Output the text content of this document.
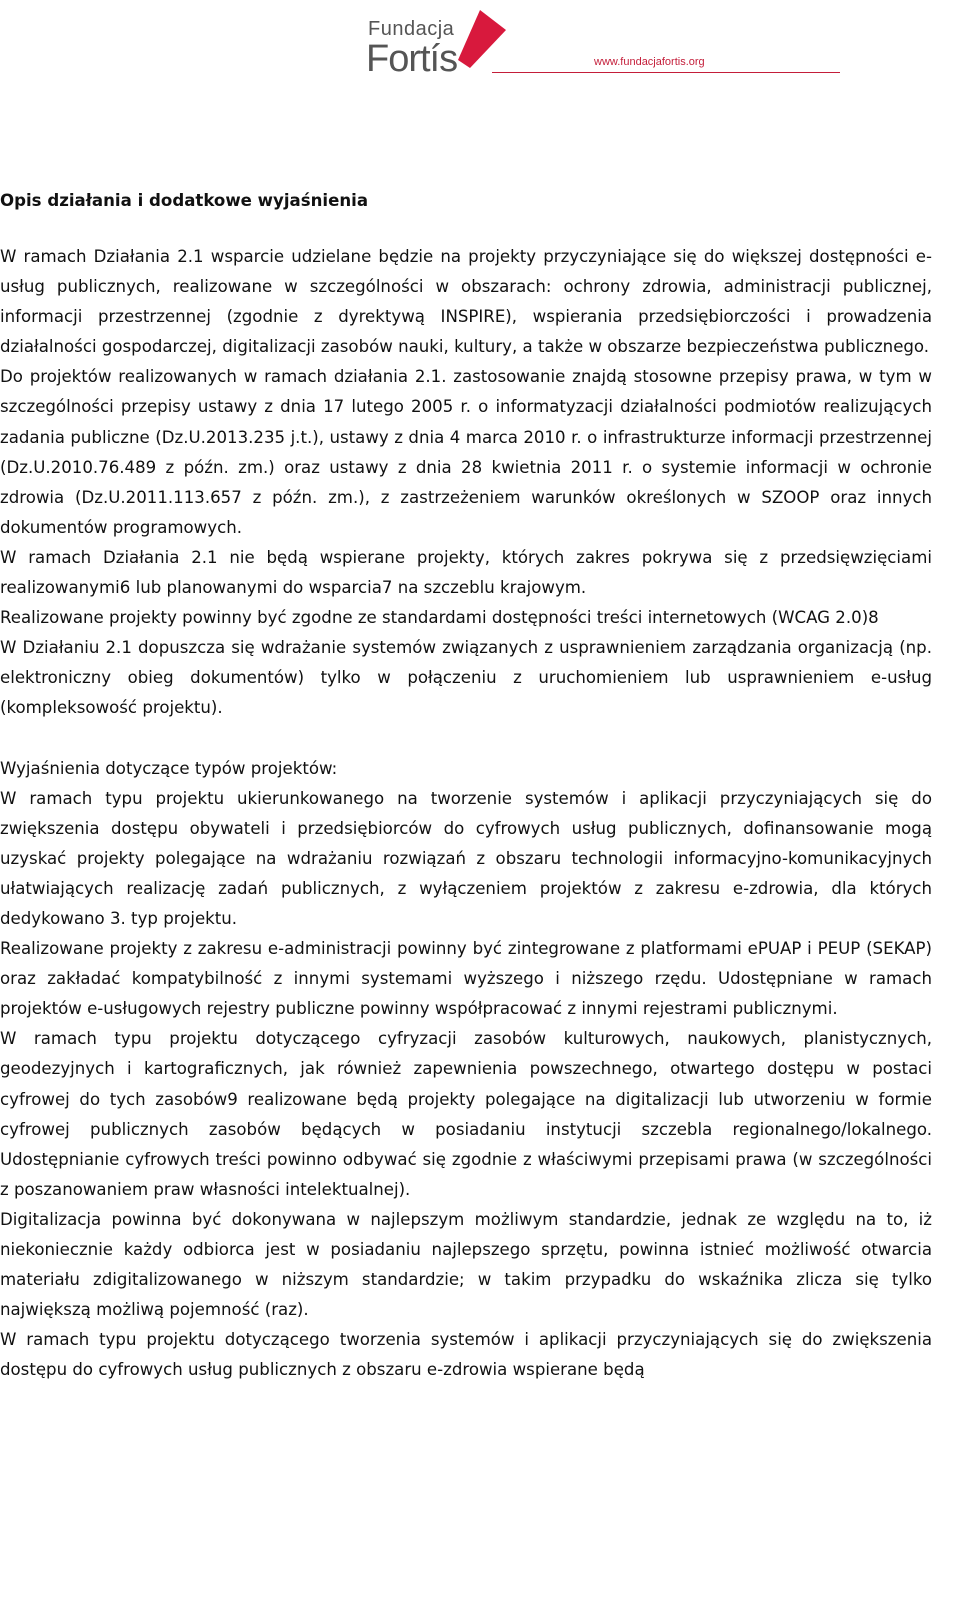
Fundacja
Fortís	www.fundacjafortis.org
Opis działania i dodatkowe wyjaśnienia

W ramach Działania 2.1 wsparcie udzielane będzie na projekty przyczyniające się do większej dostępności e-usług publicznych, realizowane w szczególności w obszarach: ochrony zdrowia, administracji publicznej, informacji przestrzennej (zgodnie z dyrektywą INSPIRE), wspierania przedsiębiorczości i prowadzenia działalności gospodarczej, digitalizacji zasobów nauki, kultury, a także w obszarze bezpieczeństwa publicznego.

Do projektów realizowanych w ramach działania 2.1. zastosowanie znajdą stosowne przepisy prawa, w tym w szczególności przepisy ustawy z dnia 17 lutego 2005 r. o informatyzacji działalności podmiotów realizujących zadania publiczne (Dz.U.2013.235 j.t.), ustawy z dnia 4 marca 2010 r. o infrastrukturze informacji przestrzennej (Dz.U.2010.76.489 z późn. zm.) oraz ustawy z dnia 28 kwietnia 2011 r. o systemie informacji w ochronie zdrowia (Dz.U.2011.113.657 z późn. zm.), z zastrzeżeniem warunków określonych w SZOOP oraz innych dokumentów programowych.

W ramach Działania 2.1 nie będą wspierane projekty, których zakres pokrywa się z przedsięwzięciami realizowanymi6 lub planowanymi do wsparcia7 na szczeblu krajowym.

Realizowane projekty powinny być zgodne ze standardami dostępności treści internetowych (WCAG 2.0)8

W Działaniu 2.1 dopuszcza się wdrażanie systemów związanych z usprawnieniem zarządzania organizacją (np. elektroniczny obieg dokumentów) tylko w połączeniu z uruchomieniem lub usprawnieniem e-usług (kompleksowość projektu).

Wyjaśnienia dotyczące typów projektów:

W ramach typu projektu ukierunkowanego na tworzenie systemów i aplikacji przyczyniających się do zwiększenia dostępu obywateli i przedsiębiorców do cyfrowych usług publicznych, dofinansowanie mogą uzyskać projekty polegające na wdrażaniu rozwiązań z obszaru technologii informacyjno-komunikacyjnych ułatwiających realizację zadań publicznych, z wyłączeniem projektów z zakresu e-zdrowia, dla których dedykowano 3. typ projektu.

Realizowane projekty z zakresu e-administracji powinny być zintegrowane z platformami ePUAP i PEUP (SEKAP) oraz zakładać kompatybilność z innymi systemami wyższego i niższego rzędu. Udostępniane w ramach projektów e-usługowych rejestry publiczne powinny współpracować z innymi rejestrami publicznymi.

W ramach typu projektu dotyczącego cyfryzacji zasobów kulturowych, naukowych, planistycznych, geodezyjnych i kartograficznych, jak również zapewnienia powszechnego, otwartego dostępu w postaci cyfrowej do tych zasobów9 realizowane będą projekty polegające na digitalizacji lub utworzeniu w formie cyfrowej publicznych zasobów będących w posiadaniu instytucji szczebla regionalnego/lokalnego. Udostępnianie cyfrowych treści powinno odbywać się zgodnie z właściwymi przepisami prawa (w szczególności z poszanowaniem praw własności intelektualnej).

Digitalizacja powinna być dokonywana w najlepszym możliwym standardzie, jednak ze względu na to, iż niekoniecznie każdy odbiorca jest w posiadaniu najlepszego sprzętu, powinna istnieć możliwość otwarcia materiału zdigitalizowanego w niższym standardzie; w takim przypadku do wskaźnika zlicza się tylko największą możliwą pojemność (raz).

W ramach typu projektu dotyczącego tworzenia systemów i aplikacji przyczyniających się do zwiększenia dostępu do cyfrowych usług publicznych z obszaru e-zdrowia wspierane będą
